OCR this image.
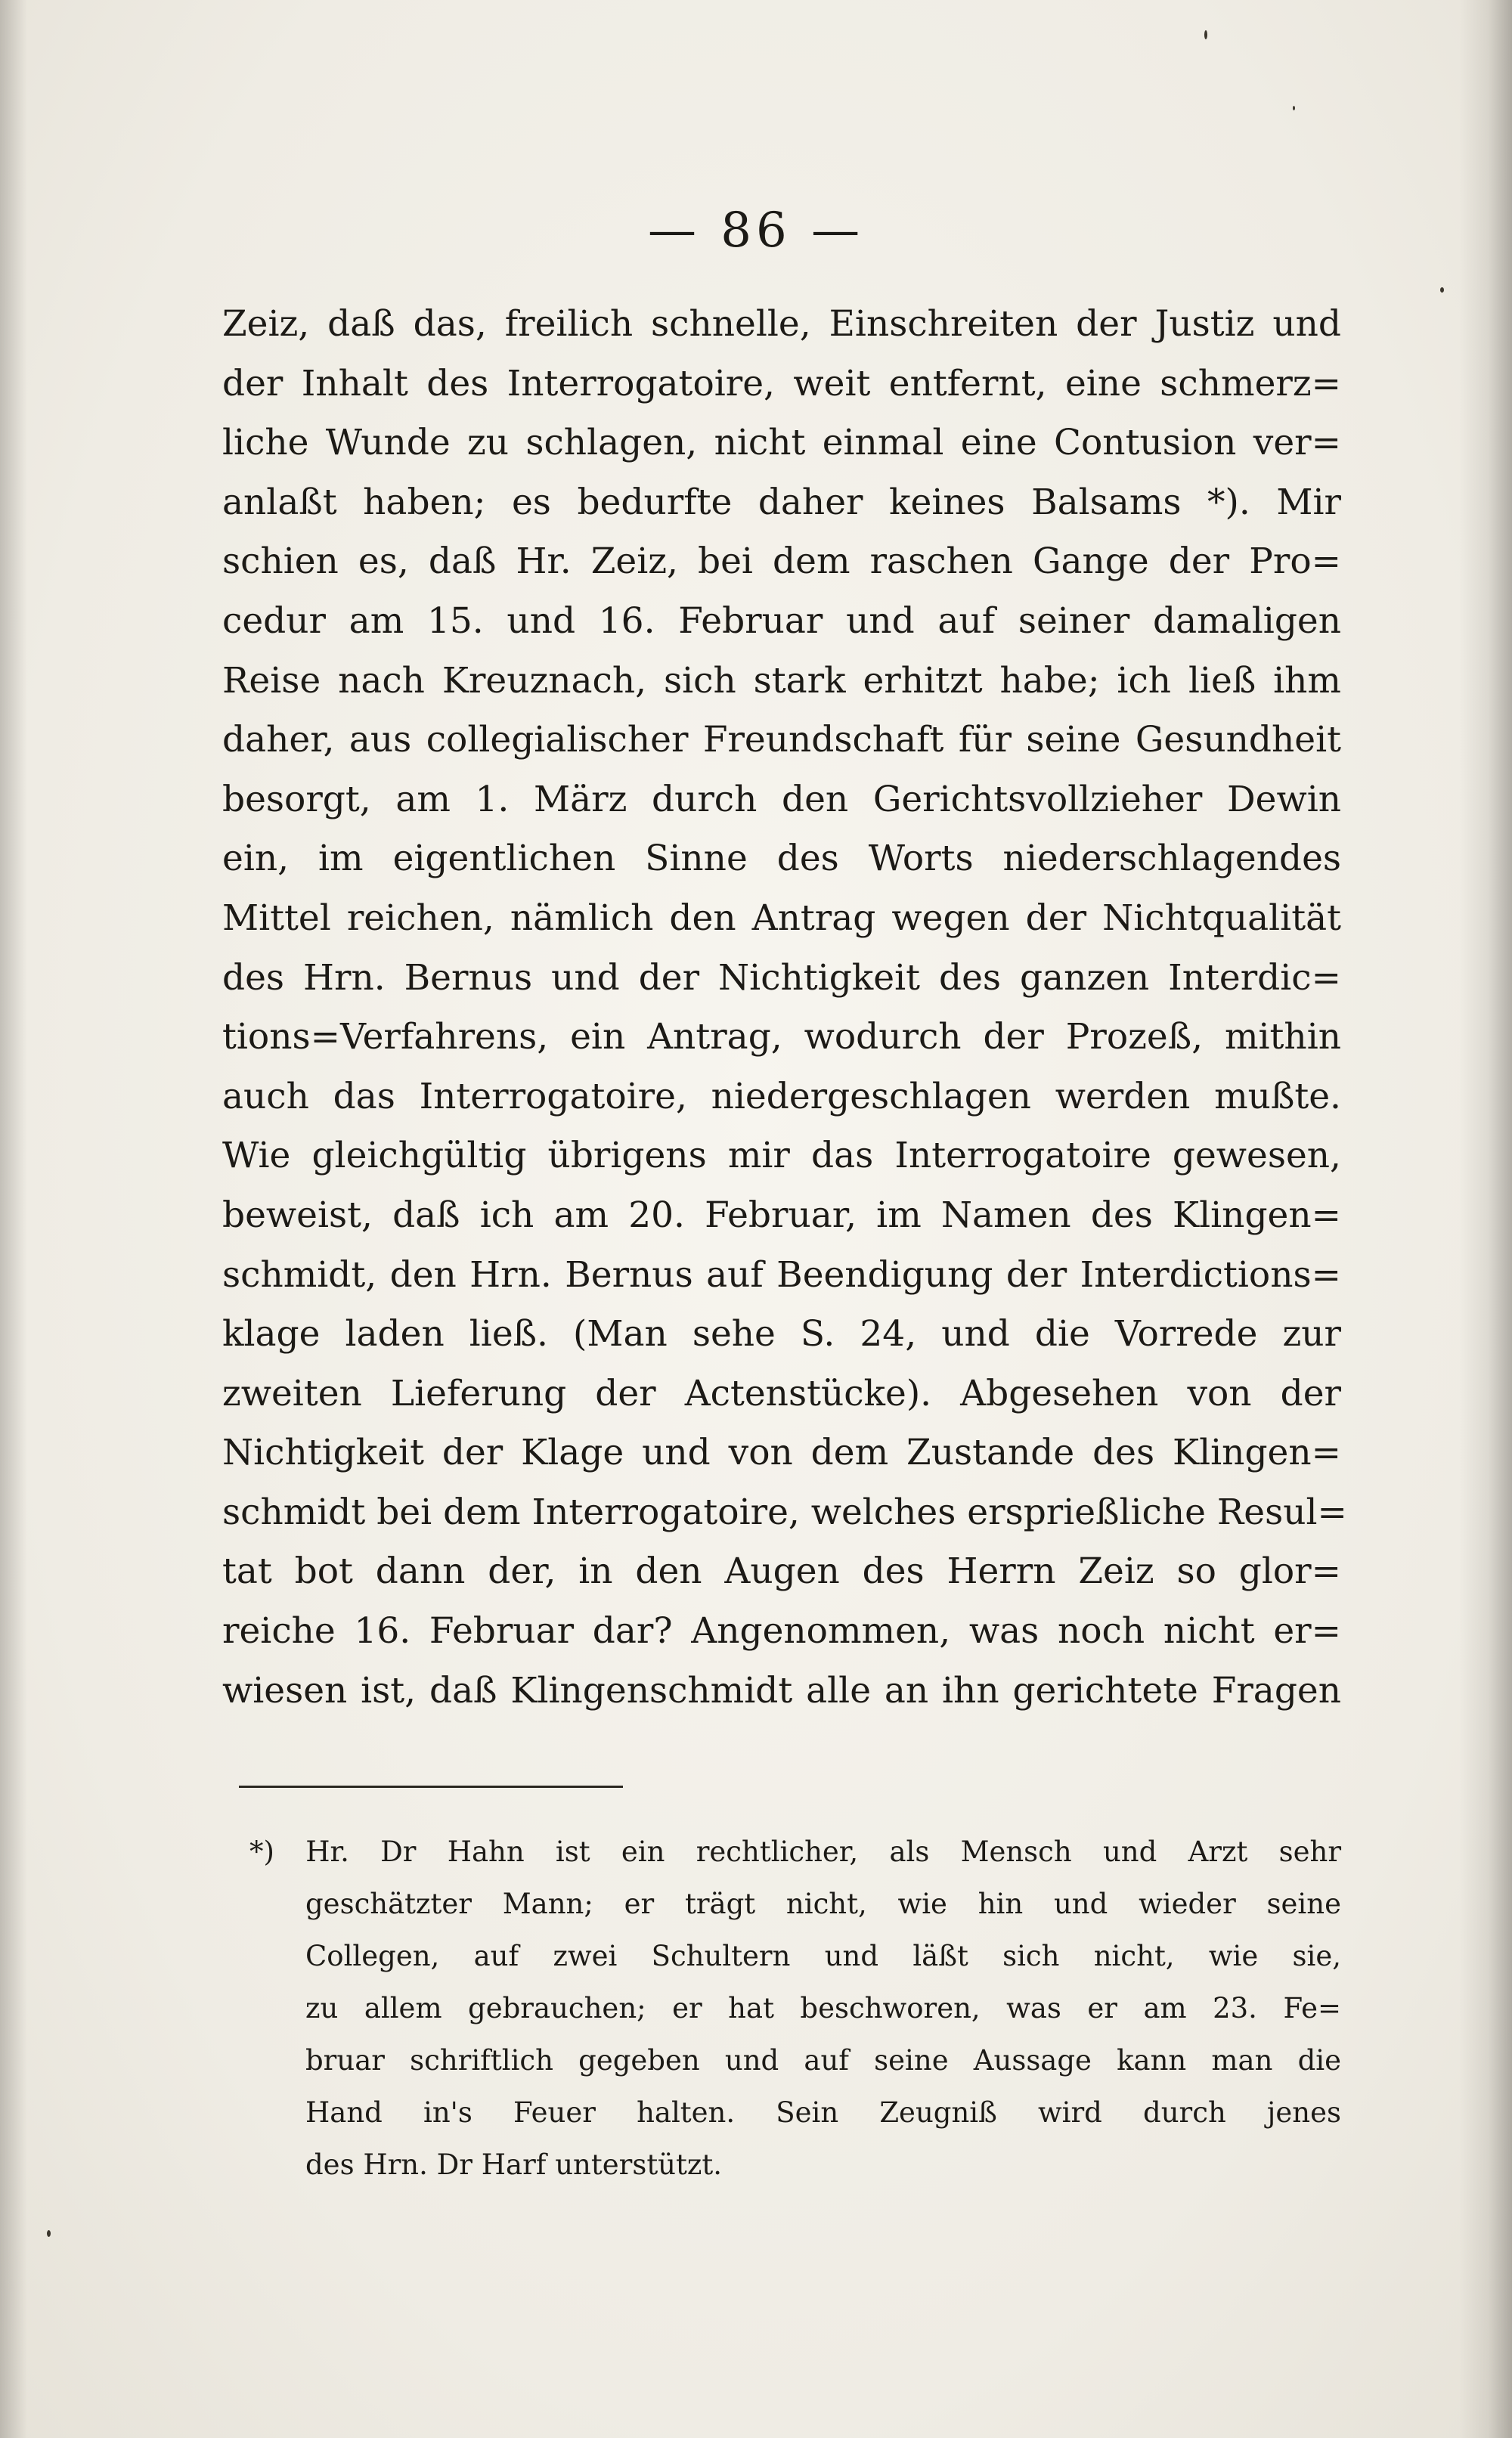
— 86 —
Zeiz, daß das, freilich schnelle, Einschreiten der Justiz und
der Inhalt des Interrogatoire, weit entfernt, eine schmerz=
liche Wunde zu schlagen, nicht einmal eine Contusion ver=
anlaßt haben; es bedurfte daher keines Balsams *). Mir
schien es, daß Hr. Zeiz, bei dem raschen Gange der Pro=
cedur am 15. und 16. Februar und auf seiner damaligen
Reise nach Kreuznach, sich stark erhitzt habe; ich ließ ihm
daher, aus collegialischer Freundschaft für seine Gesundheit
besorgt, am 1. März durch den Gerichtsvollzieher Dewin
ein, im eigentlichen Sinne des Worts niederschlagendes
Mittel reichen, nämlich den Antrag wegen der Nichtqualität
des Hrn. Bernus und der Nichtigkeit des ganzen Interdic=
tions=Verfahrens, ein Antrag, wodurch der Prozeß, mithin
auch das Interrogatoire, niedergeschlagen werden mußte.
Wie gleichgültig übrigens mir das Interrogatoire gewesen,
beweist, daß ich am 20. Februar, im Namen des Klingen=
schmidt, den Hrn. Bernus auf Beendigung der Interdictions=
klage laden ließ. (Man sehe S. 24, und die Vorrede zur
zweiten Lieferung der Actenstücke). Abgesehen von der
Nichtigkeit der Klage und von dem Zustande des Klingen=
schmidt bei dem Interrogatoire, welches ersprießliche Resul=
tat bot dann der, in den Augen des Herrn Zeiz so glor=
reiche 16. Februar dar? Angenommen, was noch nicht er=
wiesen ist, daß Klingenschmidt alle an ihn gerichtete Fragen
*) Hr. Dr Hahn ist ein rechtlicher, als Mensch und Arzt sehr
geschätzter Mann; er trägt nicht, wie hin und wieder seine
Collegen, auf zwei Schultern und läßt sich nicht, wie sie,
zu allem gebrauchen; er hat beschworen, was er am 23. Fe=
bruar schriftlich gegeben und auf seine Aussage kann man die
Hand in's Feuer halten. Sein Zeugniß wird durch jenes
des Hrn. Dr Harf unterstützt.
